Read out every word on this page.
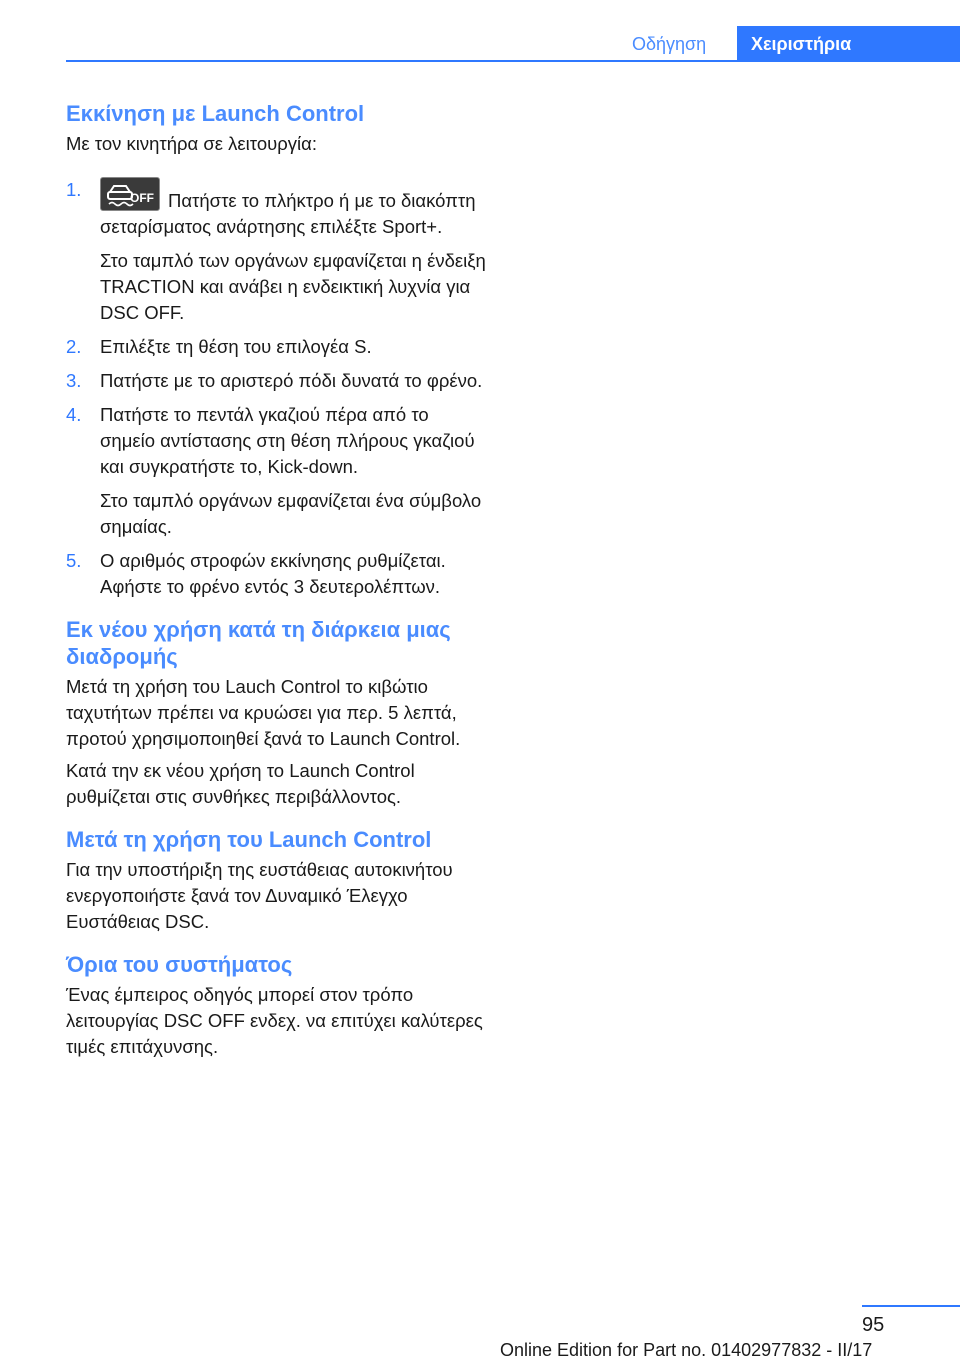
Οδήγηση	Χειριστήρια
Εκκίνηση με Launch Control

Με τον κινητήρα σε λειτουργία:

1.	OFF Πατήστε το πλήκτρο ή με το διακόπτη σεταρίσματος ανάρτησης επιλέξτε Sport+.

Στο ταμπλό των οργάνων εμφανίζεται η ένδειξη TRACTION και ανάβει η ενδεικτική λυχνία για DSC OFF.

2. Επιλέξτε τη θέση του επιλογέα S.
3. Πατήστε με το αριστερό πόδι δυνατά το φρένο.
4. Πατήστε το πεντάλ γκαζιού πέρα από το σημείο αντίστασης στη θέση πλήρους γκαζιού και συγκρατήστε το, Kick-down.

Στο ταμπλό οργάνων εμφανίζεται ένα σύμβολο σημαίας.

5. Ο αριθμός στροφών εκκίνησης ρυθμίζεται. Αφήστε το φρένο εντός 3 δευτερολέπτων.
Εκ νέου χρήση κατά τη διάρκεια μιας διαδρομής

Μετά τη χρήση του Lauch Control το κιβώτιο ταχυτήτων πρέπει να κρυώσει για περ. 5 λεπτά, προτού χρησιμοποιηθεί ξανά το Launch Control.

Κατά την εκ νέου χρήση το Launch Control ρυθμίζεται στις συνθήκες περιβάλλοντος.

Μετά τη χρήση του Launch Control

Για την υποστήριξη της ευστάθειας αυτοκινήτου ενεργοποιήστε ξανά τον Δυναμικό Έλεγχο Ευστάθειας DSC.

Όρια του συστήματος

Ένας έμπειρος οδηγός μπορεί στον τρόπο λειτουργίας DSC OFF ενδεχ. να επιτύχει καλύτερες τιμές επιτάχυνσης.

95
Online Edition for Part no. 01402977832 - II/17
